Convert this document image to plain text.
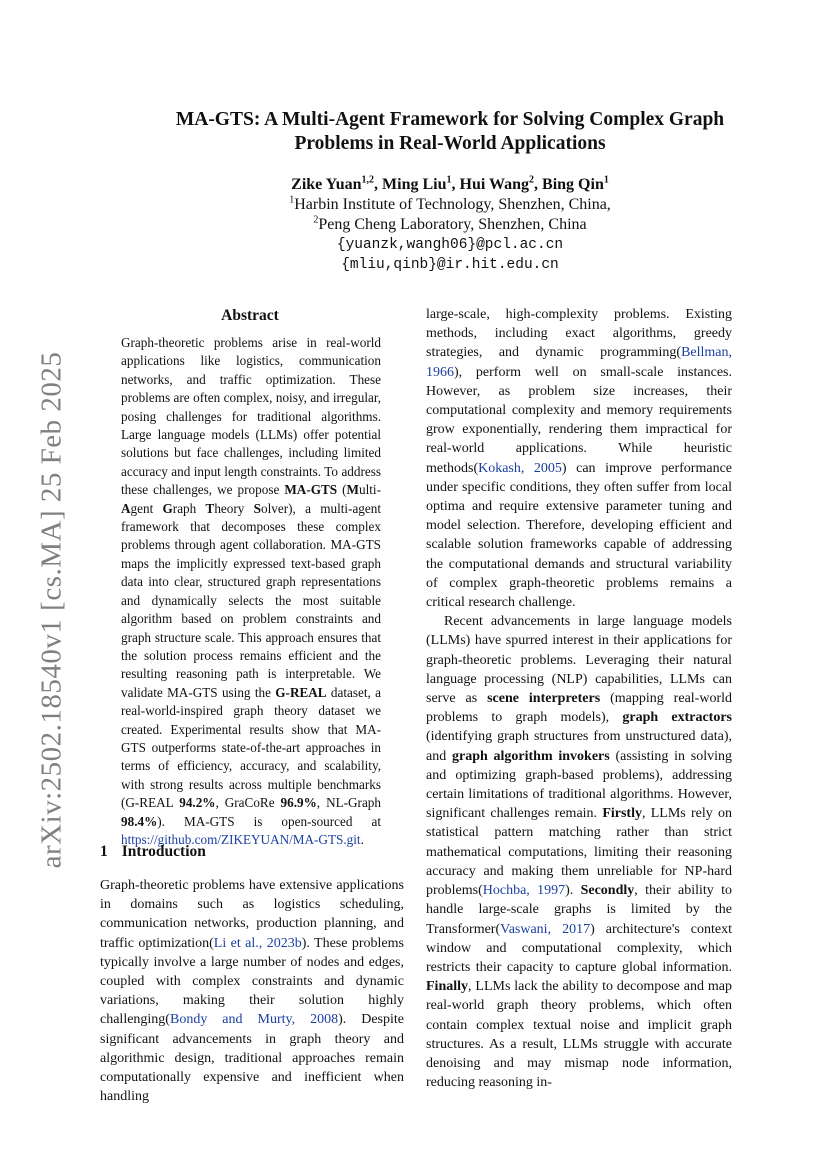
arXiv:2502.18540v1 [cs.MA] 25 Feb 2025
MA-GTS: A Multi-Agent Framework for Solving Complex Graph
Problems in Real-World Applications
Zike Yuan$^{1,2}$, Ming Liu$^1$, Hui Wang$^2$, Bing Qin$^1$
$^1$Harbin Institute of Technology, Shenzhen, China,
$^2$Peng Cheng Laboratory, Shenzhen, China
{yuanzk,wangh06}@pcl.ac.cn
{mliu,qinb}@ir.hit.edu.cn
Abstract

Graph-theoretic problems arise in real-world applications like logistics, communication networks, and traffic optimization. These problems are often complex, noisy, and irregular, posing challenges for traditional algorithms. Large language models (LLMs) offer potential solutions but face challenges, including limited accuracy and input length constraints. To address these challenges, we propose MA-GTS (Multi-Agent Graph Theory Solver), a multi-agent framework that decomposes these complex problems through agent collaboration. MA-GTS maps the implicitly expressed text-based graph data into clear, structured graph representations and dynamically selects the most suitable algorithm based on problem constraints and graph structure scale. This approach ensures that the solution process remains efficient and the resulting reasoning path is interpretable. We validate MA-GTS using the G-REAL dataset, a real-world-inspired graph theory dataset we created. Experimental results show that MA-GTS outperforms state-of-the-art approaches in terms of efficiency, accuracy, and scalability, with strong results across multiple benchmarks (G-REAL 94.2%, GraCoRe 96.9%, NL-Graph 98.4%). MA-GTS is open-sourced at https://github.com/ZIKEYUAN/MA-GTS.git.

1 Introduction

Graph-theoretic problems have extensive applications in domains such as logistics scheduling, communication networks, production planning, and traffic optimization(Li et al., 2023b). These problems typically involve a large number of nodes and edges, coupled with complex constraints and dynamic variations, making their solution highly challenging(Bondy and Murty, 2008). Despite significant advancements in graph theory and algorithmic design, traditional approaches remain computationally expensive and inefficient when handling

large-scale, high-complexity problems. Existing methods, including exact algorithms, greedy strategies, and dynamic programming(Bellman, 1966), perform well on small-scale instances. However, as problem size increases, their computational complexity and memory requirements grow exponentially, rendering them impractical for real-world applications. While heuristic methods(Kokash, 2005) can improve performance under specific conditions, they often suffer from local optima and require extensive parameter tuning and model selection. Therefore, developing efficient and scalable solution frameworks capable of addressing the computational demands and structural variability of complex graph-theoretic problems remains a critical research challenge.

Recent advancements in large language models (LLMs) have spurred interest in their applications for graph-theoretic problems. Leveraging their natural language processing (NLP) capabilities, LLMs can serve as scene interpreters (mapping real-world problems to graph models), graph extractors (identifying graph structures from unstructured data), and graph algorithm invokers (assisting in solving and optimizing graph-based problems), addressing certain limitations of traditional algorithms. However, significant challenges remain. Firstly, LLMs rely on statistical pattern matching rather than strict mathematical computations, limiting their reasoning accuracy and making them unreliable for NP-hard problems(Hochba, 1997). Secondly, their ability to handle large-scale graphs is limited by the Transformer(Vaswani, 2017) architecture's context window and computational complexity, which restricts their capacity to capture global information. Finally, LLMs lack the ability to decompose and map real-world graph theory problems, which often contain complex textual noise and implicit graph structures. As a result, LLMs struggle with accurate denoising and may mismap node information, reducing reasoning in-
